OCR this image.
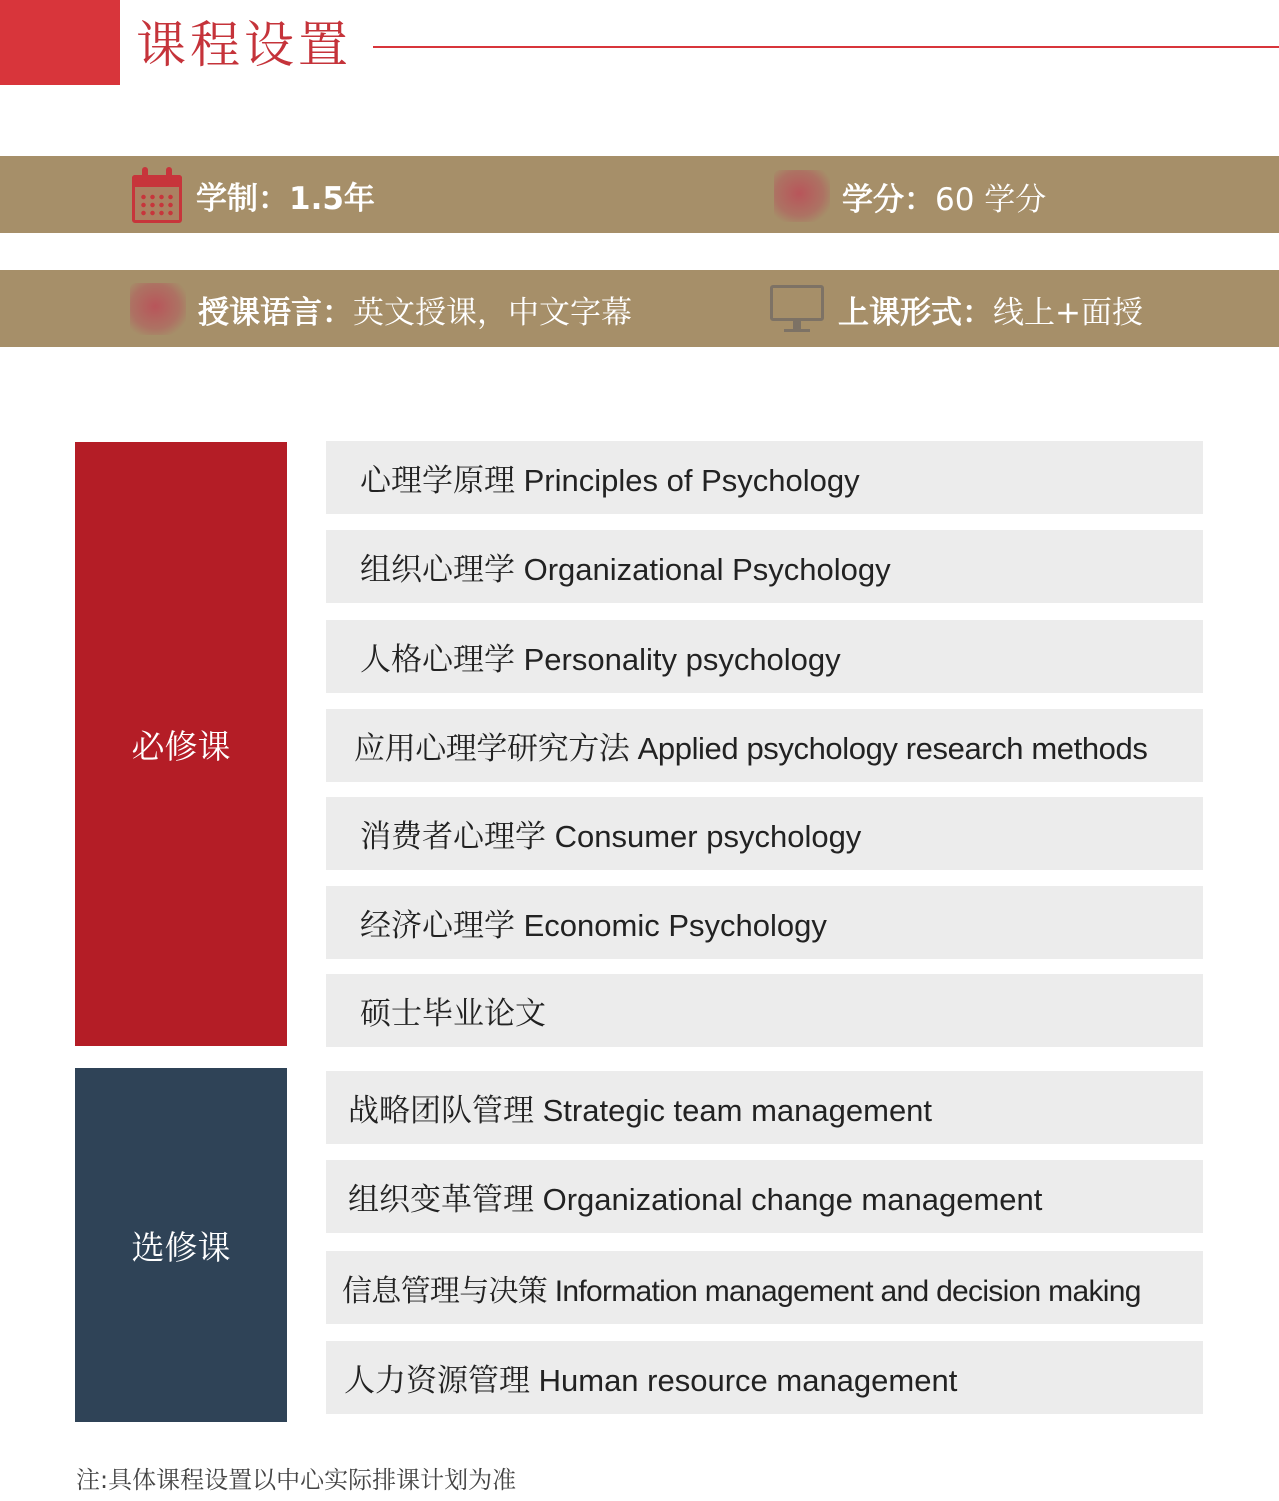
课程设置
学制： 1.5年	学分： 60 学分
授课语言： 英文授课，中文字幕	上课形式： 线上+面授
必修课
心理学原理 Principles of Psychology
组织心理学 Organizational Psychology
人格心理学 Personality psychology
应用心理学研究方法 Applied psychology research methods
消费者心理学 Consumer psychology
经济心理学 Economic Psychology
硕士毕业论文
选修课
战略团队管理 Strategic team management
组织变革管理 Organizational change management
信息管理与决策 Information management and decision making
人力资源管理 Human resource management
注:具体课程设置以中心实际排课计划为准
